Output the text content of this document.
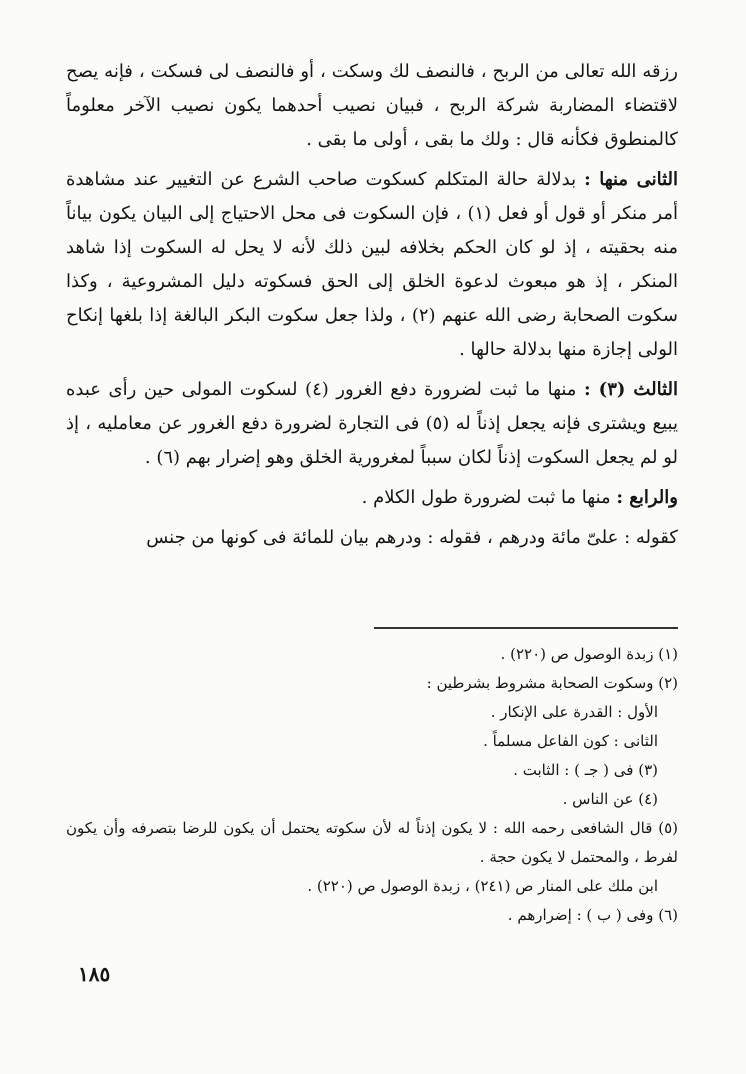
رزقه الله تعالى من الربح ، فالنصف لك وسكت ، أو فالنصف لى فسكت ، فإنه يصح لاقتضاء المضاربة شركة الربح ، فبيان نصيب أحدهما يكون نصيب الآخر معلوماً كالمنطوق فكأنه قال : ولك ما بقى ، أولى ما بقى .

الثانى منها : بدلالة حالة المتكلم كسكوت صاحب الشرع عن التغيير عند مشاهدة أمر منكر أو قول أو فعل (١) ، فإن السكوت فى محل الاحتياج إلى البيان يكون بياناً منه بحقيته ، إذ لو كان الحكم بخلافه لبين ذلك لأنه لا يحل له السكوت إذا شاهد المنكر ، إذ هو مبعوث لدعوة الخلق إلى الحق فسكوته دليل المشروعية ، وكذا سكوت الصحابة رضى الله عنهم (٢) ، ولذا جعل سكوت البكر البالغة إذا بلغها إنكاح الولى إجازة منها بدلالة حالها .

الثالث (٣) : منها ما ثبت لضرورة دفع الغرور (٤) لسكوت المولى حين رأى عبده يبيع ويشترى فإنه يجعل إذناً له (٥) فى التجارة لضرورة دفع الغرور عن معامليه ، إذ لو لم يجعل السكوت إذناً لكان سبباً لمغرورية الخلق وهو إضرار بهم (٦) .

والرابع : منها ما ثبت لضرورة طول الكلام .

كقوله : علىّ مائة ودرهم ، فقوله : ودرهم بيان للمائة فى كونها من جنس

(١) زبدة الوصول ص (٢٢٠) .

(٢) وسكوت الصحابة مشروط بشرطين :

الأول : القدرة على الإنكار .

الثانى : كون الفاعل مسلماً .

(٣) فى ( جـ ) : الثابت .

(٤) عن الناس .

(٥) قال الشافعى رحمه الله : لا يكون إذناً له لأن سكوته يحتمل أن يكون للرضا بتصرفه وأن يكون لفرط ، والمحتمل لا يكون حجة .

ابن ملك على المنار ص (٢٤١) ، زبدة الوصول ص (٢٢٠) .

(٦) وفى ( ب ) : إضرارهم .

١٨٥
